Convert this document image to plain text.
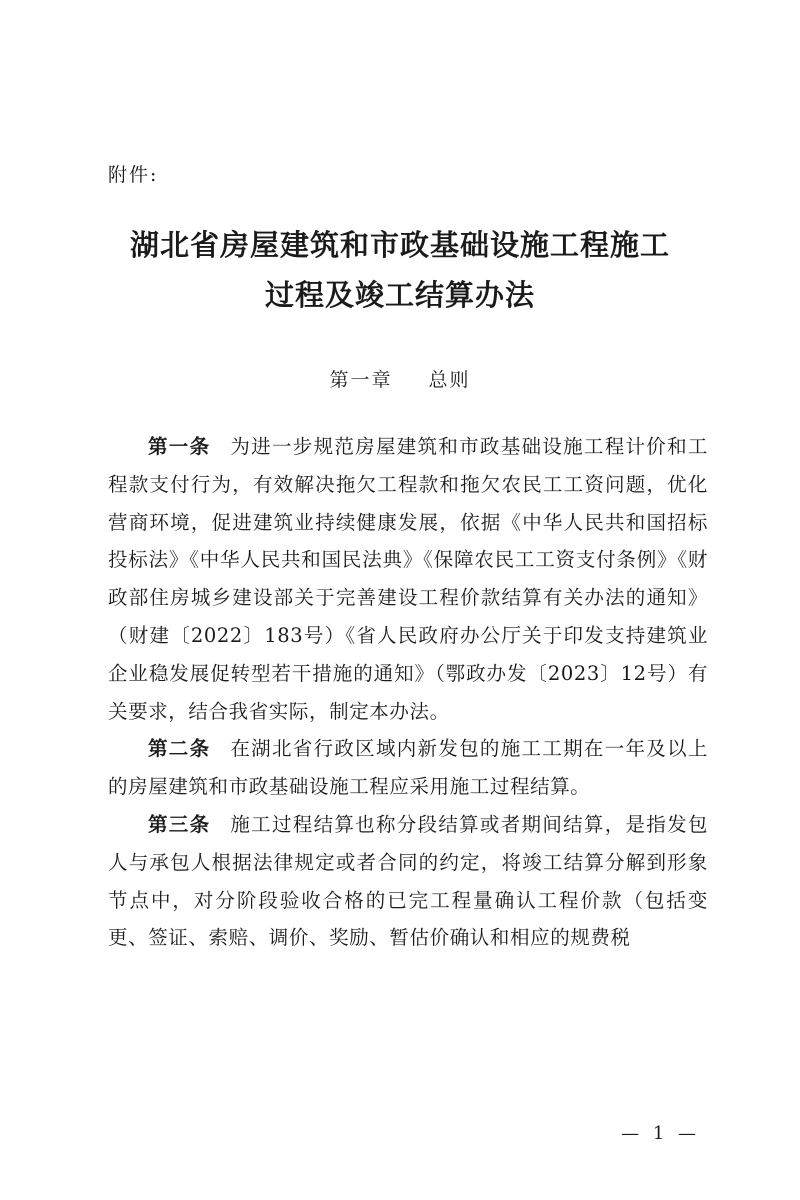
附件:
湖北省房屋建筑和市政基础设施工程施工
过程及竣工结算办法
第一章 总则

第一条 为进一步规范房屋建筑和市政基础设施工程计价和工程款支付行为，有效解决拖欠工程款和拖欠农民工工资问题，优化营商环境，促进建筑业持续健康发展，依据《中华人民共和国招标投标法》《中华人民共和国民法典》《保障农民工工资支付条例》《财政部住房城乡建设部关于完善建设工程价款结算有关办法的通知》（财建〔2022〕183号）《省人民政府办公厅关于印发支持建筑业企业稳发展促转型若干措施的通知》（鄂政办发〔2023〕12号）有关要求，结合我省实际，制定本办法。

第二条 在湖北省行政区域内新发包的施工工期在一年及以上的房屋建筑和市政基础设施工程应采用施工过程结算。

第三条 施工过程结算也称分段结算或者期间结算，是指发包人与承包人根据法律规定或者合同的约定，将竣工结算分解到形象节点中，对分阶段验收合格的已完工程量确认工程价款（包括变更、签证、索赔、调价、奖励、暂估价确认和相应的规费税

— 1 —
